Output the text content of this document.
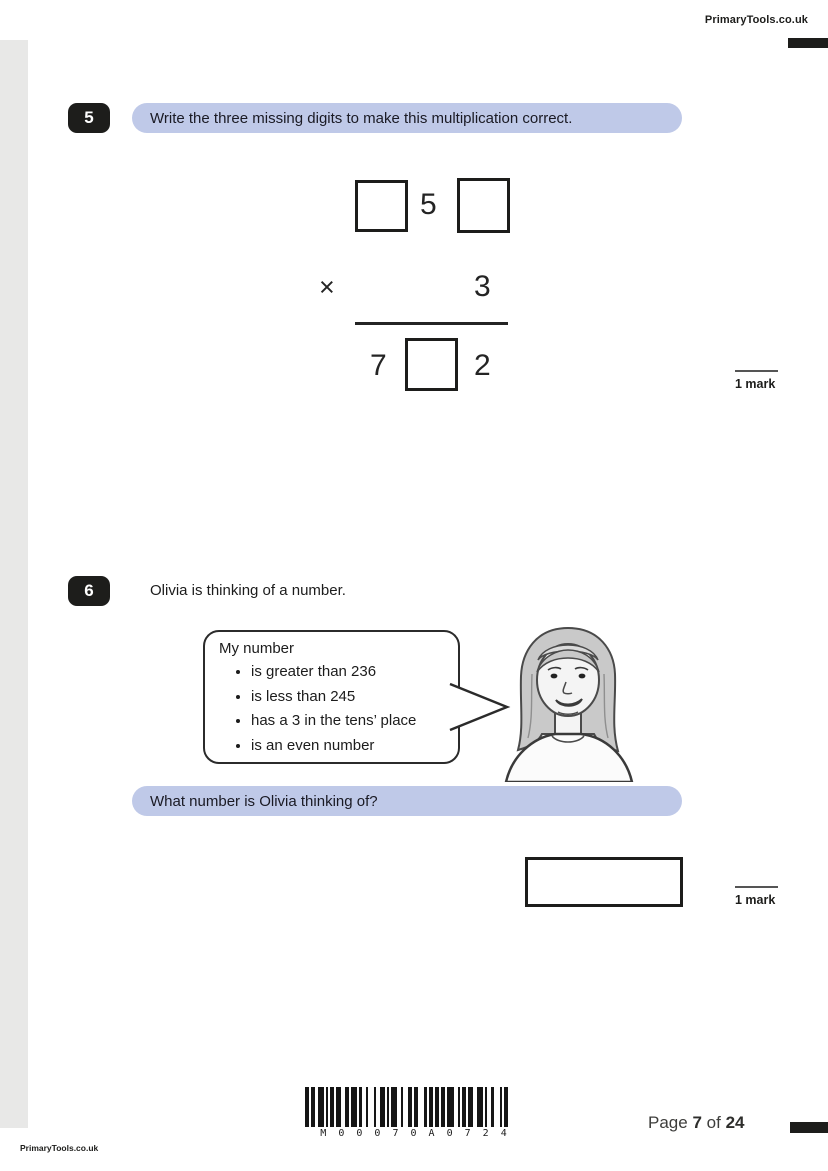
PrimaryTools.co.uk
5	Write the three missing digits to make this multiplication correct.
5
×	3
7	2
1 mark
6	Olivia is thinking of a number.
My number
• is greater than 236
• is less than 245
• has a 3 in the tens’ place
• is an even number
What number is Olivia thinking of?
1 mark
M 0 0 0 7 0 A 0 7 2 4
Page 7 of 24
PrimaryTools.co.uk
